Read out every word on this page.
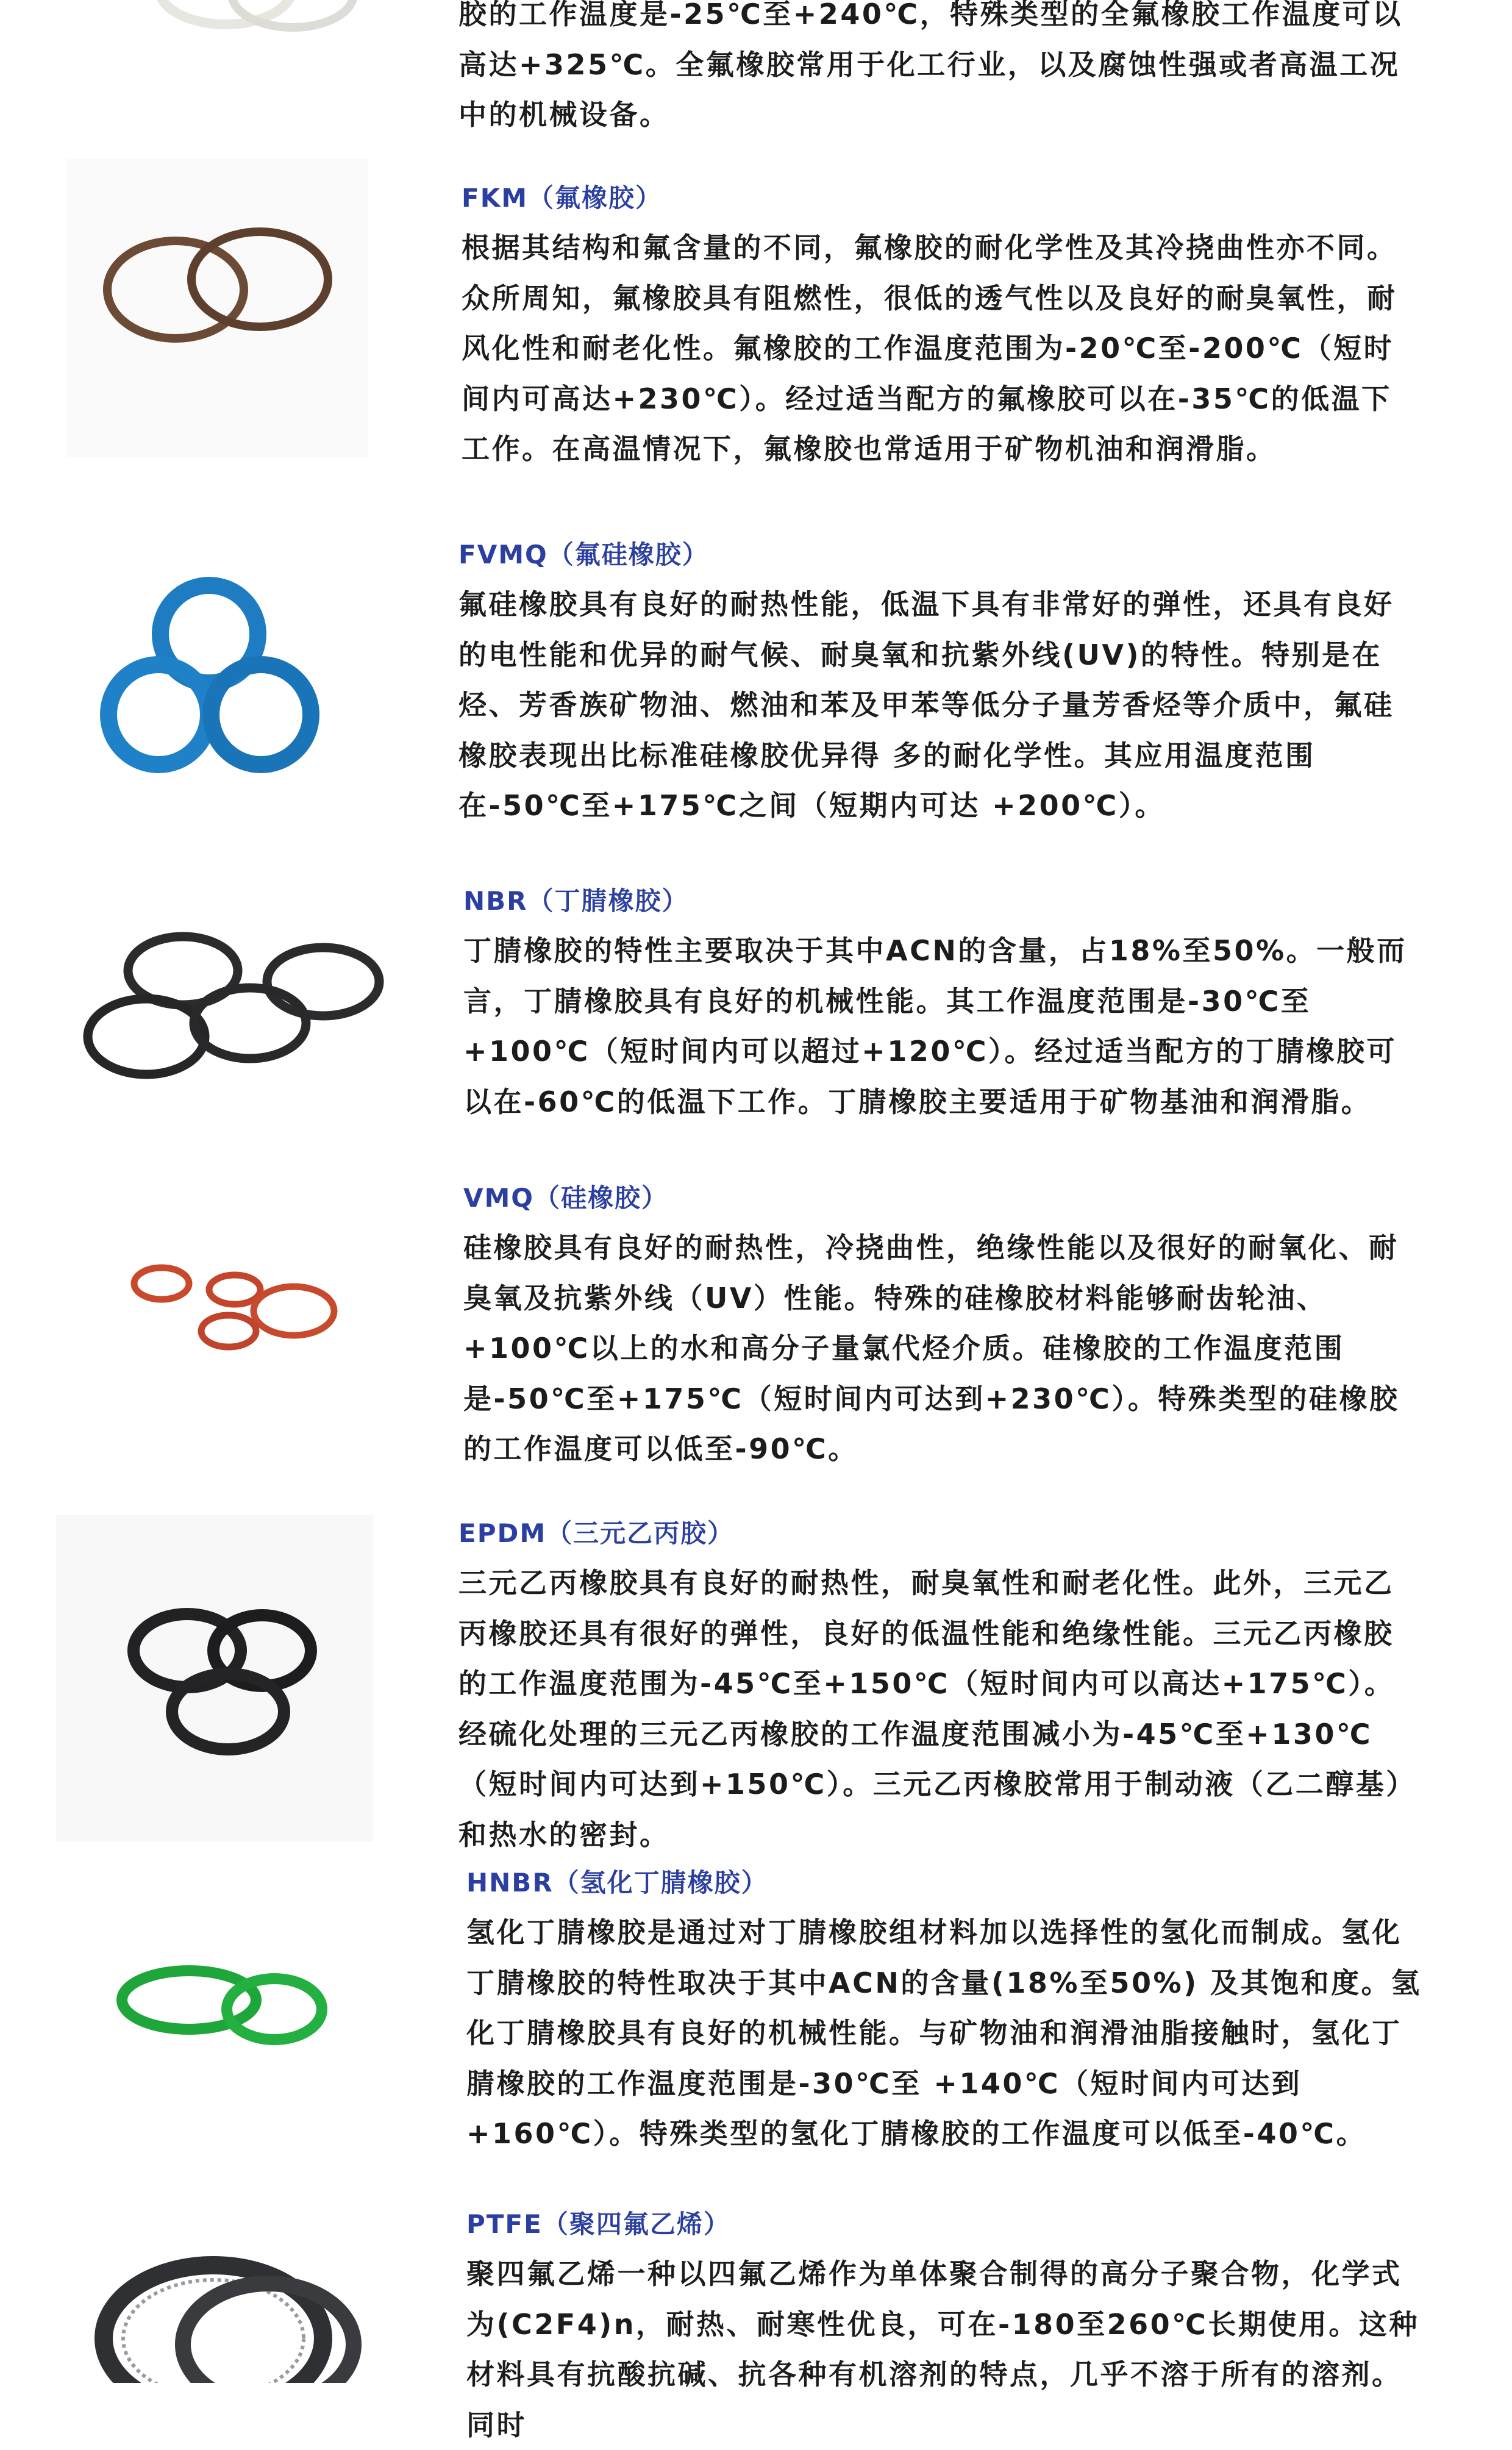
胶的工作温度是-25℃至+240℃，特殊类型的全氟橡胶工作温度可以高达+325℃。全氟橡胶常用于化工行业，以及腐蚀性强或者高温工况中的机械设备。
FKM（氟橡胶）
根据其结构和氟含量的不同，氟橡胶的耐化学性及其冷挠曲性亦不同。众所周知，氟橡胶具有阻燃性，很低的透气性以及良好的耐臭氧性，耐风化性和耐老化性。氟橡胶的工作温度范围为-20℃至-200℃（短时间内可高达+230℃）。经过适当配方的氟橡胶可以在-35℃的低温下工作。在高温情况下，氟橡胶也常适用于矿物机油和润滑脂。
FVMQ（氟硅橡胶）
氟硅橡胶具有良好的耐热性能，低温下具有非常好的弹性，还具有良好的电性能和优异的耐气候、耐臭氧和抗紫外线(UV)的特性。特别是在烃、芳香族矿物油、燃油和苯及甲苯等低分子量芳香烃等介质中，氟硅橡胶表现出比标准硅橡胶优异得 多的耐化学性。其应用温度范围在-50℃至+175℃之间（短期内可达 +200℃）。
NBR（丁腈橡胶）
丁腈橡胶的特性主要取决于其中ACN的含量，占18%至50%。一般而言，丁腈橡胶具有良好的机械性能。其工作温度范围是-30℃至+100℃（短时间内可以超过+120℃）。经过适当配方的丁腈橡胶可以在-60℃的低温下工作。丁腈橡胶主要适用于矿物基油和润滑脂。
VMQ（硅橡胶）
硅橡胶具有良好的耐热性，冷挠曲性，绝缘性能以及很好的耐氧化、耐臭氧及抗紫外线（UV）性能。特殊的硅橡胶材料能够耐齿轮油、+100℃以上的水和高分子量氯代烃介质。硅橡胶的工作温度范围是-50℃至+175℃（短时间内可达到+230℃）。特殊类型的硅橡胶的工作温度可以低至-90℃。
EPDM（三元乙丙胶）
三元乙丙橡胶具有良好的耐热性，耐臭氧性和耐老化性。此外，三元乙丙橡胶还具有很好的弹性，良好的低温性能和绝缘性能。三元乙丙橡胶的工作温度范围为-45℃至+150℃（短时间内可以高达+175℃）。经硫化处理的三元乙丙橡胶的工作温度范围减小为-45℃至+130℃（短时间内可达到+150℃）。三元乙丙橡胶常用于制动液（乙二醇基）和热水的密封。
HNBR（氢化丁腈橡胶）
氢化丁腈橡胶是通过对丁腈橡胶组材料加以选择性的氢化而制成。氢化丁腈橡胶的特性取决于其中ACN的含量(18%至50%) 及其饱和度。氢化丁腈橡胶具有良好的机械性能。与矿物油和润滑油脂接触时，氢化丁腈橡胶的工作温度范围是-30℃至 +140℃（短时间内可达到+160℃）。特殊类型的氢化丁腈橡胶的工作温度可以低至-40℃。
PTFE（聚四氟乙烯）
聚四氟乙烯一种以四氟乙烯作为单体聚合制得的高分子聚合物，化学式为(C2F4)n，耐热、耐寒性优良，可在-180至260℃长期使用。这种材料具有抗酸抗碱、抗各种有机溶剂的特点，几乎不溶于所有的溶剂。同时
